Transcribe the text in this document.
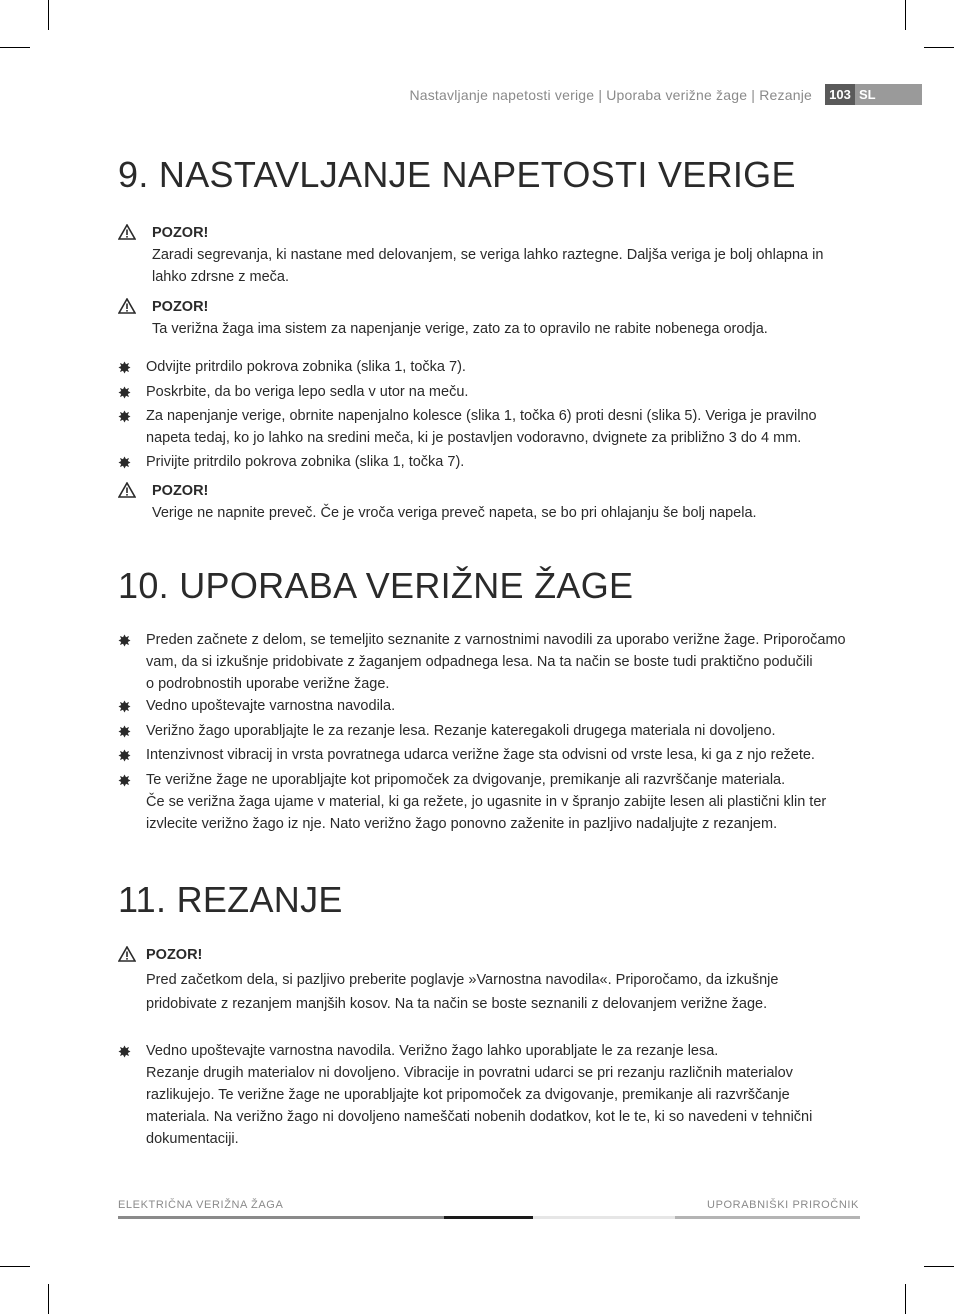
Nastavljanje napetosti verige | Uporaba verižne žage | Rezanje	103 SL
9. NASTAVLJANJE NAPETOSTI VERIGE
POZOR!
Zaradi segrevanja, ki nastane med delovanjem, se veriga lahko raztegne. Daljša veriga je bolj ohlapna in
lahko zdrsne z meča.
POZOR!
Ta verižna žaga ima sistem za napenjanje verige, zato za to opravilo ne rabite nobenega orodja.
Odvijte pritrdilo pokrova zobnika (slika 1, točka 7).
Poskrbite, da bo veriga lepo sedla v utor na meču.
Za napenjanje verige, obrnite napenjalno kolesce (slika 1, točka 6) proti desni (slika 5). Veriga je pravilno
napeta tedaj, ko jo lahko na sredini meča, ki je postavljen vodoravno, dvignete za približno 3 do 4 mm.
Privijte pritrdilo pokrova zobnika (slika 1, točka 7).
POZOR!
Verige ne napnite preveč. Če je vroča veriga preveč napeta, se bo pri ohlajanju še bolj napela.
10. UPORABA VERIŽNE ŽAGE
Preden začnete z delom, se temeljito seznanite z varnostnimi navodili za uporabo verižne žage. Priporočamo
vam, da si izkušnje pridobivate z žaganjem odpadnega lesa. Na ta način se boste tudi praktično podučili
o podrobnostih uporabe verižne žage.
Vedno upoštevajte varnostna navodila.
Verižno žago uporabljajte le za rezanje lesa. Rezanje kateregakoli drugega materiala ni dovoljeno.
Intenzivnost vibracij in vrsta povratnega udarca verižne žage sta odvisni od vrste lesa, ki ga z njo režete.
Te verižne žage ne uporabljajte kot pripomoček za dvigovanje, premikanje ali razvrščanje materiala.
Če se verižna žaga ujame v material, ki ga režete, jo ugasnite in v špranjo zabijte lesen ali plastični klin ter
izvlecite verižno žago iz nje. Nato verižno žago ponovno zaženite in pazljivo nadaljujte z rezanjem.
11. REZANJE
POZOR!
Pred začetkom dela, si pazljivo preberite poglavje »Varnostna navodila«. Priporočamo, da izkušnje
pridobivate z rezanjem manjših kosov. Na ta način se boste seznanili z delovanjem verižne žage.
Vedno upoštevajte varnostna navodila. Verižno žago lahko uporabljate le za rezanje lesa.
Rezanje drugih materialov ni dovoljeno. Vibracije in povratni udarci se pri rezanju različnih materialov
razlikujejo. Te verižne žage ne uporabljajte kot pripomoček za dvigovanje, premikanje ali razvrščanje
materiala. Na verižno žago ni dovoljeno nameščati nobenih dodatkov, kot le te, ki so navedeni v tehnični
dokumentaciji.
ELEKTRIČNA VERIŽNA ŽAGA	UPORABNIŠKI PRIROČNIK
